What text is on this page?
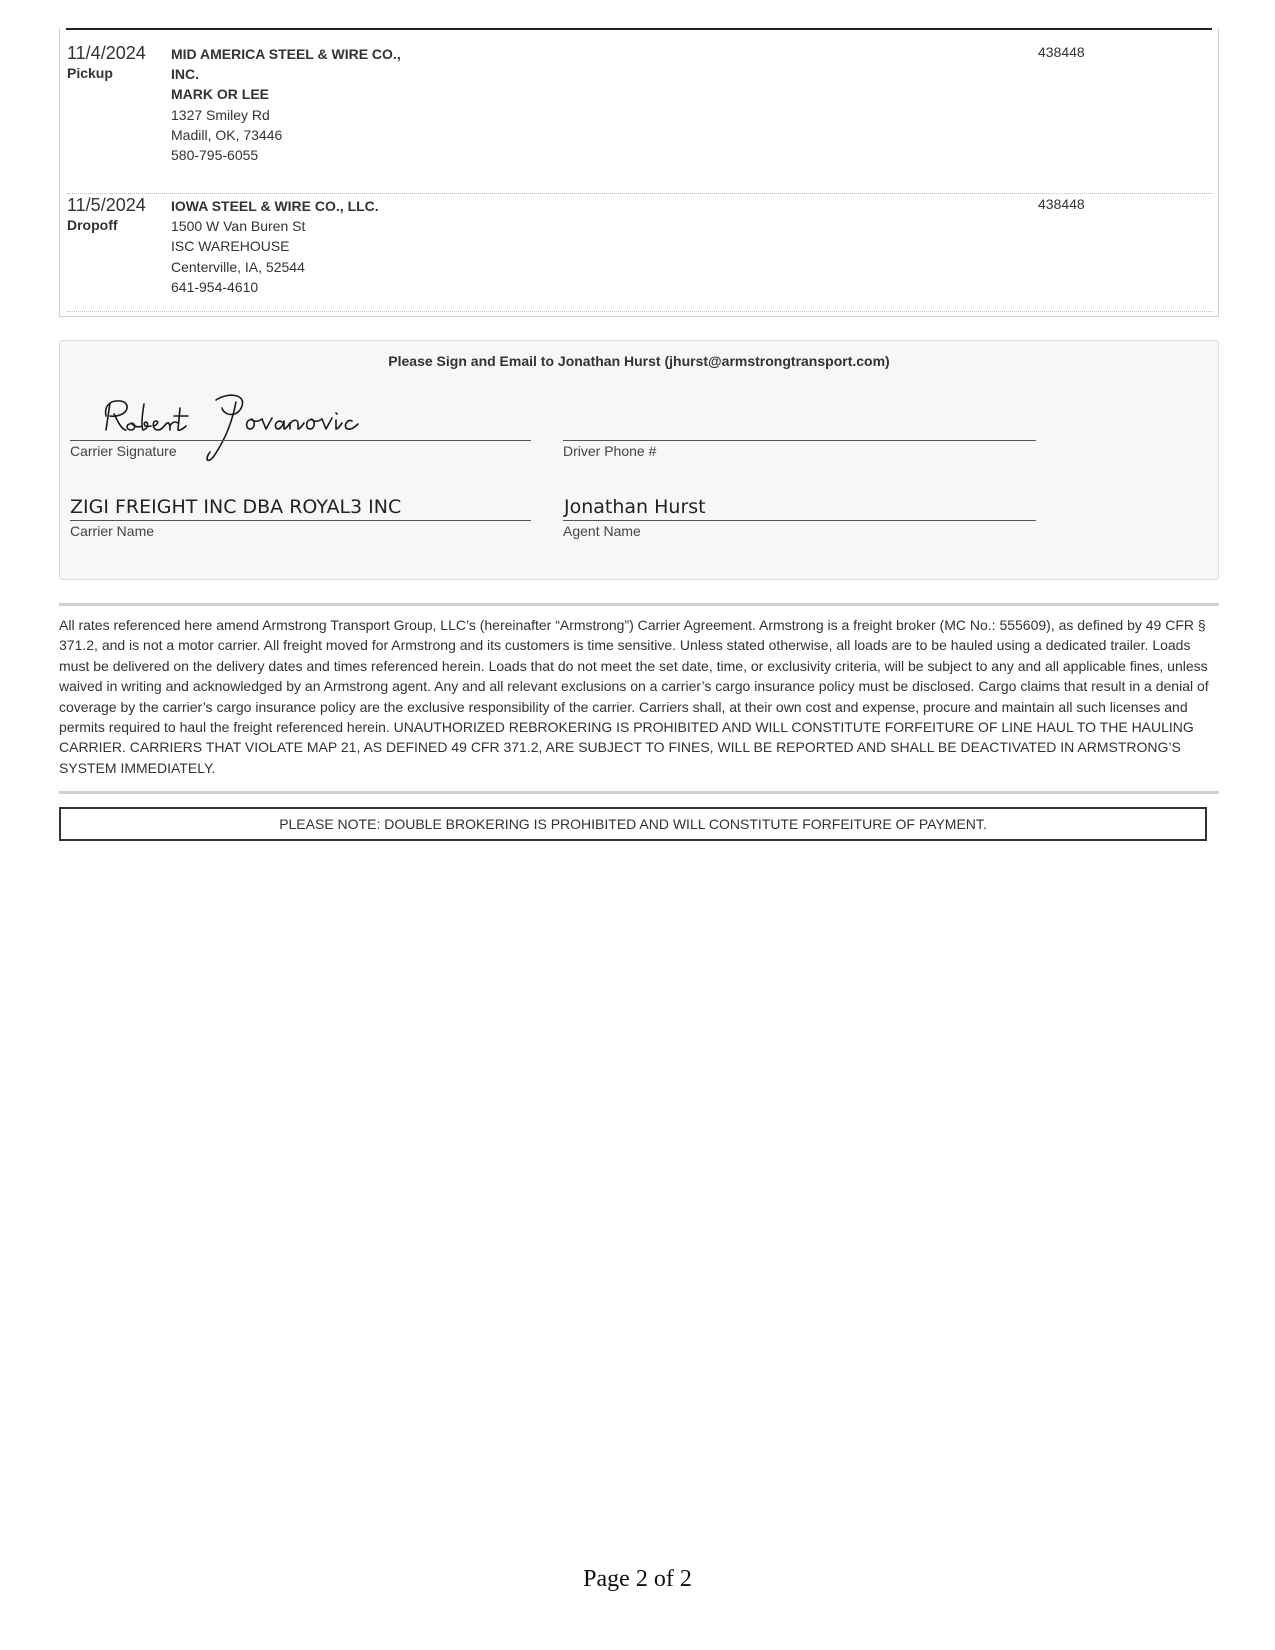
11/4/2024
Pickup
MID AMERICA STEEL & WIRE CO.,
INC.
MARK OR LEE
1327 Smiley Rd
Madill, OK, 73446
580-795-6055
438448
11/5/2024
Dropoff
IOWA STEEL & WIRE CO., LLC.
1500 W Van Buren St
ISC WAREHOUSE
Centerville, IA, 52544
641-954-4610
438448
Please Sign and Email to Jonathan Hurst (jhurst@armstrongtransport.com)
Carrier Signature	Driver Phone #
ZIGI FREIGHT INC DBA ROYAL3 INC
Carrier Name
Jonathan Hurst
Agent Name
All rates referenced here amend Armstrong Transport Group, LLC’s (hereinafter “Armstrong”) Carrier Agreement. Armstrong is a freight broker (MC No.: 555609), as defined by 49 CFR § 371.2, and is not a motor carrier. All freight moved for Armstrong and its customers is time sensitive. Unless stated otherwise, all loads are to be hauled using a dedicated trailer. Loads must be delivered on the delivery dates and times referenced herein. Loads that do not meet the set date, time, or exclusivity criteria, will be subject to any and all applicable fines, unless waived in writing and acknowledged by an Armstrong agent. Any and all relevant exclusions on a carrier’s cargo insurance policy must be disclosed. Cargo claims that result in a denial of coverage by the carrier’s cargo insurance policy are the exclusive responsibility of the carrier. Carriers shall, at their own cost and expense, procure and maintain all such licenses and permits required to haul the freight referenced herein. UNAUTHORIZED REBROKERING IS PROHIBITED AND WILL CONSTITUTE FORFEITURE OF LINE HAUL TO THE HAULING CARRIER. CARRIERS THAT VIOLATE MAP 21, AS DEFINED 49 CFR 371.2, ARE SUBJECT TO FINES, WILL BE REPORTED AND SHALL BE DEACTIVATED IN ARMSTRONG’S SYSTEM IMMEDIATELY.
PLEASE NOTE: DOUBLE BROKERING IS PROHIBITED AND WILL CONSTITUTE FORFEITURE OF PAYMENT.
Page 2 of 2
